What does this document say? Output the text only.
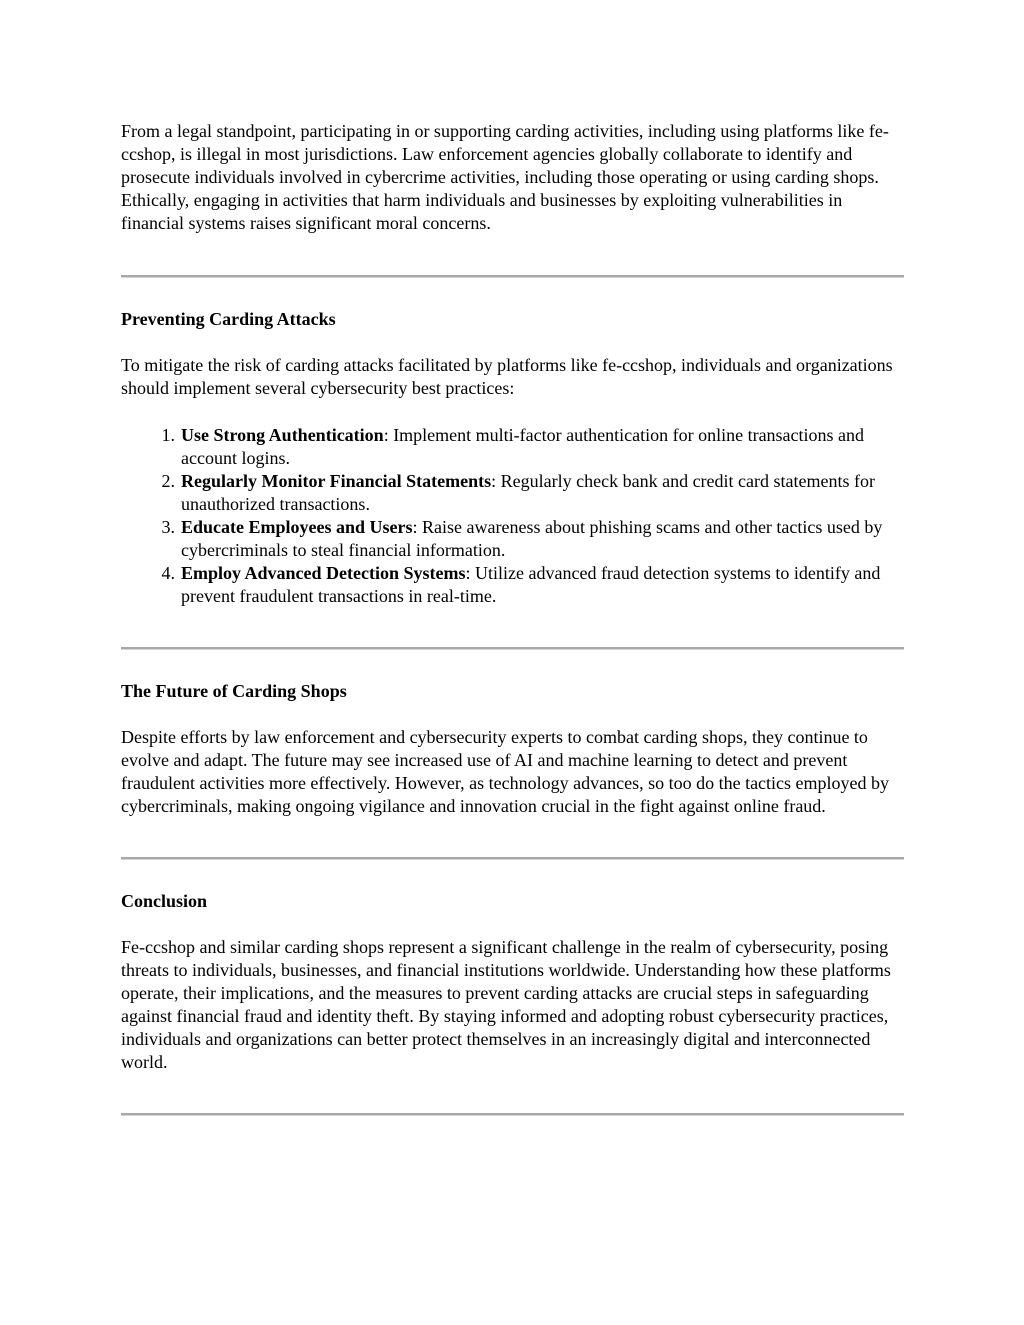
From a legal standpoint, participating in or supporting carding activities, including using platforms like fe-ccshop, is illegal in most jurisdictions. Law enforcement agencies globally collaborate to identify and prosecute individuals involved in cybercrime activities, including those operating or using carding shops. Ethically, engaging in activities that harm individuals and businesses by exploiting vulnerabilities in financial systems raises significant moral concerns.

Preventing Carding Attacks

To mitigate the risk of carding attacks facilitated by platforms like fe-ccshop, individuals and organizations should implement several cybersecurity best practices:

1. Use Strong Authentication: Implement multi-factor authentication for online transactions and account logins.
2. Regularly Monitor Financial Statements: Regularly check bank and credit card statements for unauthorized transactions.
3. Educate Employees and Users: Raise awareness about phishing scams and other tactics used by cybercriminals to steal financial information.
4. Employ Advanced Detection Systems: Utilize advanced fraud detection systems to identify and prevent fraudulent transactions in real-time.
The Future of Carding Shops

Despite efforts by law enforcement and cybersecurity experts to combat carding shops, they continue to evolve and adapt. The future may see increased use of AI and machine learning to detect and prevent fraudulent activities more effectively. However, as technology advances, so too do the tactics employed by cybercriminals, making ongoing vigilance and innovation crucial in the fight against online fraud.

Conclusion

Fe-ccshop and similar carding shops represent a significant challenge in the realm of cybersecurity, posing threats to individuals, businesses, and financial institutions worldwide. Understanding how these platforms operate, their implications, and the measures to prevent carding attacks are crucial steps in safeguarding against financial fraud and identity theft. By staying informed and adopting robust cybersecurity practices, individuals and organizations can better protect themselves in an increasingly digital and interconnected world.
